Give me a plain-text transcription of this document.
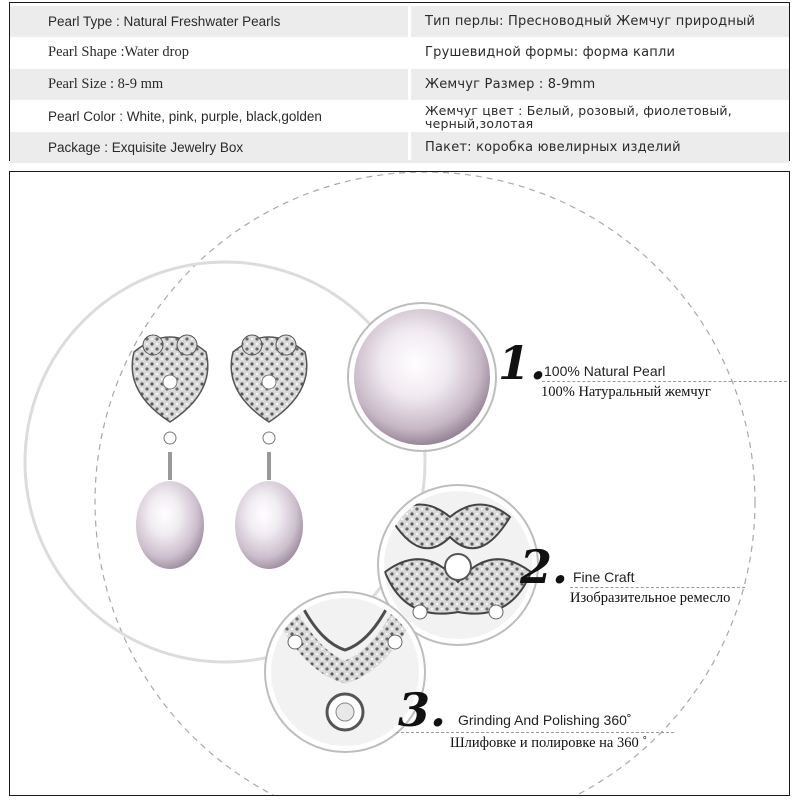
Pearl Type : Natural Freshwater Pearls	Тип перлы: Пресноводный Жемчуг природный
Pearl Shape :Water drop	Грушевидной формы: форма капли
Pearl Size : 8-9 mm	Жемчуг Размер : 8-9mm
Pearl Color : White, pink, purple, black,golden	Жемчуг цвет : Белый, розовый, фиолетовый, черный,золотая
Package : Exquisite Jewelry Box	Пакет: коробка ювелирных изделий
1.
100% Natural Pearl
100% Натуральный жемчуг
2. Fine Craft
Изобразительное ремесло
3. Grinding And Polishing 360˚
Шлифовке и полировке на 360 ˚
